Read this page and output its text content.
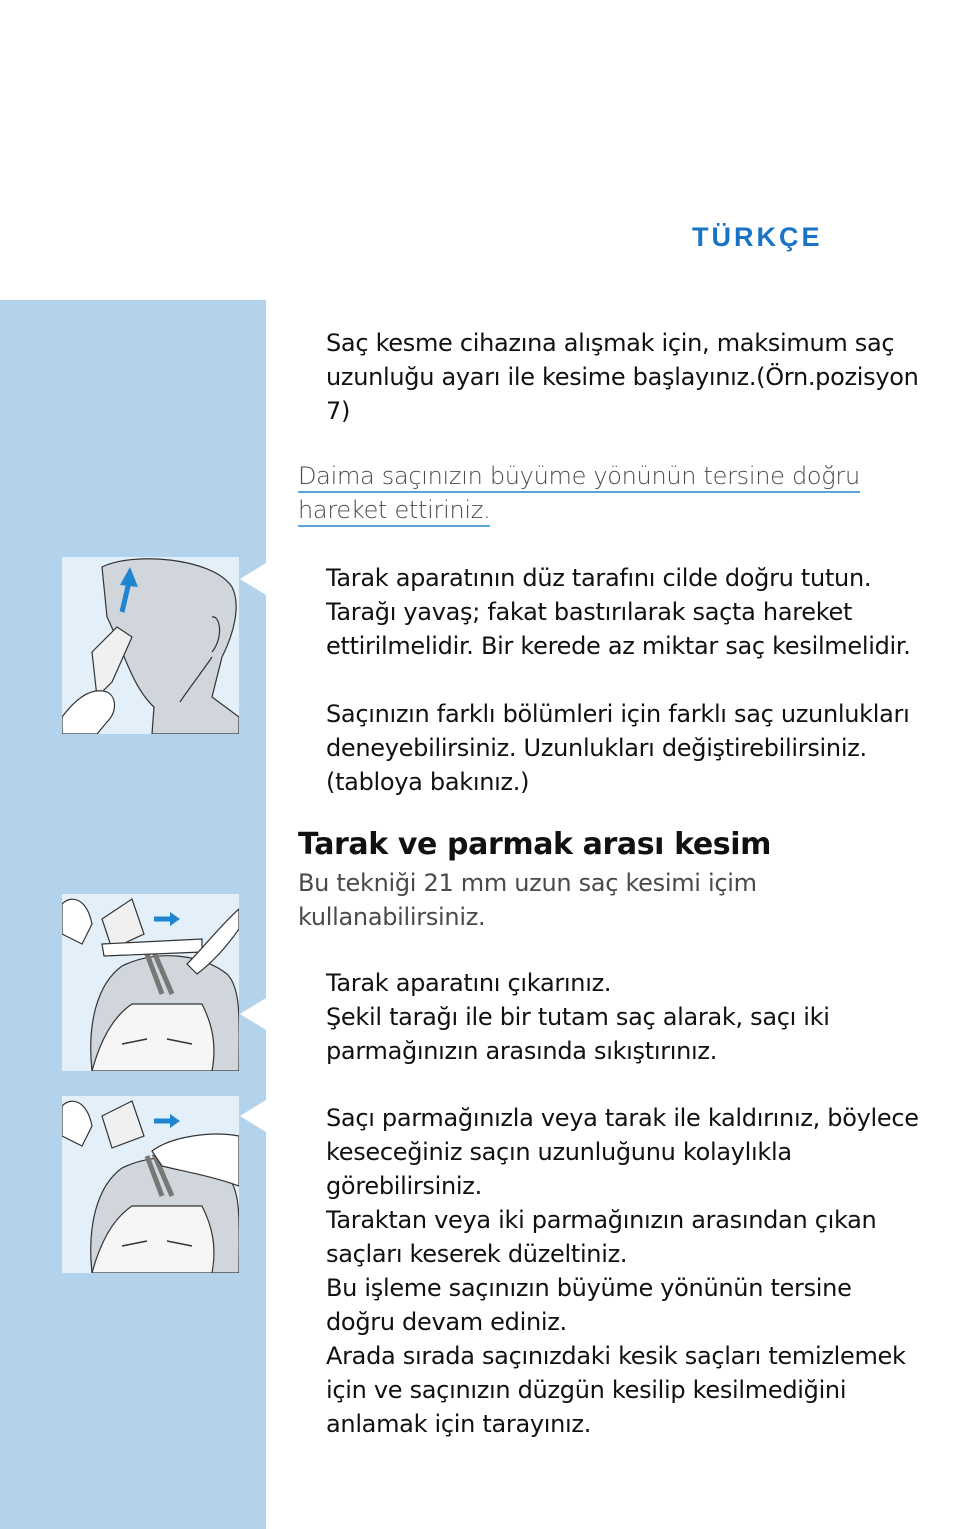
TÜRKÇE

Saç kesme cihazına alışmak için, maksimum saç uzunluğu ayarı ile kesime başlayınız.(Örn.pozisyon 7)

Daima saçınızın büyüme yönünün tersine doğru
hareket ettiriniz.

Tarak aparatının düz tarafını cilde doğru tutun. Tarağı yavaş; fakat bastırılarak saçta hareket ettirilmelidir. Bir kerede az miktar saç kesilmelidir.

Saçınızın farklı bölümleri için farklı saç uzunlukları deneyebilirsiniz. Uzunlukları değiştirebilirsiniz.(tabloya bakınız.)

Tarak ve parmak arası kesim

Bu tekniği 21 mm uzun saç kesimi içim kullanabilirsiniz.

Tarak aparatını çıkarınız.

Şekil tarağı ile bir tutam saç alarak, saçı iki parmağınızın arasında sıkıştırınız.

Saçı parmağınızla veya tarak ile kaldırınız, böylece keseceğiniz saçın uzunluğunu kolaylıkla görebilirsiniz.

Taraktan veya iki parmağınızın arasından çıkan saçları keserek düzeltiniz.

Bu işleme saçınızın büyüme yönünün tersine doğru devam ediniz.

Arada sırada saçınızdaki kesik saçları temizlemek için ve saçınızın düzgün kesilip kesilmediğini anlamak için tarayınız.
